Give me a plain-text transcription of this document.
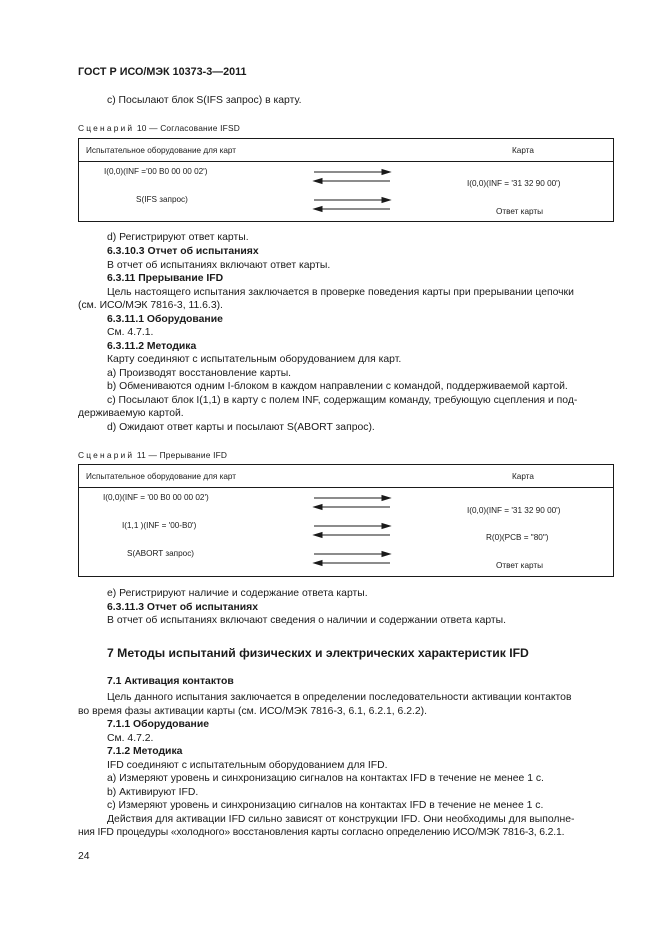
ГОСТ Р ИСО/МЭК 10373-3—2011
c) Посылают блок S(IFS запрос) в карту.
Сценарий 10 — Согласование IFSD
Испытательное оборудование для карт	Карта
I(0,0)(INF ='00 B0 00 00 02')
I(0,0)(INF = '31 32 90 00')
S(IFS запрос)
Ответ карты
d) Регистрируют ответ карты.
6.3.10.3 Отчет об испытаниях
В отчет об испытаниях включают ответ карты.
6.3.11 Прерывание IFD
Цель настоящего испытания заключается в проверке поведения карты при прерывании цепочки
(см. ИСО/МЭК 7816-3, 11.6.3).
6.3.11.1 Оборудование
См. 4.7.1.
6.3.11.2 Методика
Карту соединяют с испытательным оборудованием для карт.
a) Производят восстановление карты.
b) Обмениваются одним I-блоком в каждом направлении с командой, поддерживаемой картой.
c) Посылают блок I(1,1) в карту с полем INF, содержащим команду, требующую сцепления и под-
держиваемую картой.
d) Ожидают ответ карты и посылают S(ABORT запрос).
Сценарий 11 — Прерывание IFD
Испытательное оборудование для карт	Карта
I(0,0)(INF = '00 B0 00 00 02')
I(0,0)(INF = '31 32 90 00')
I(1,1 )(INF = '00-B0')
R(0)(PCB = "80")
S(ABORT запрос)
Ответ карты
e) Регистрируют наличие и содержание ответа карты.
6.3.11.3 Отчет об испытаниях
В отчет об испытаниях включают сведения о наличии и содержании ответа карты.
7 Методы испытаний физических и электрических характеристик IFD
7.1 Активация контактов
Цель данного испытания заключается в определении последовательности активации контактов
во время фазы активации карты (см. ИСО/МЭК 7816-3, 6.1, 6.2.1, 6.2.2).
7.1.1 Оборудование
См. 4.7.2.
7.1.2 Методика
IFD соединяют с испытательным оборудованием для IFD.
a) Измеряют уровень и синхронизацию сигналов на контактах IFD в течение не менее 1 с.
b) Активируют IFD.
c) Измеряют уровень и синхронизацию сигналов на контактах IFD в течение не менее 1 с.
Действия для активации IFD сильно зависят от конструкции IFD. Они необходимы для выполне-
ния IFD процедуры «холодного» восстановления карты согласно определению ИСО/МЭК 7816-3, 6.2.1.
24
